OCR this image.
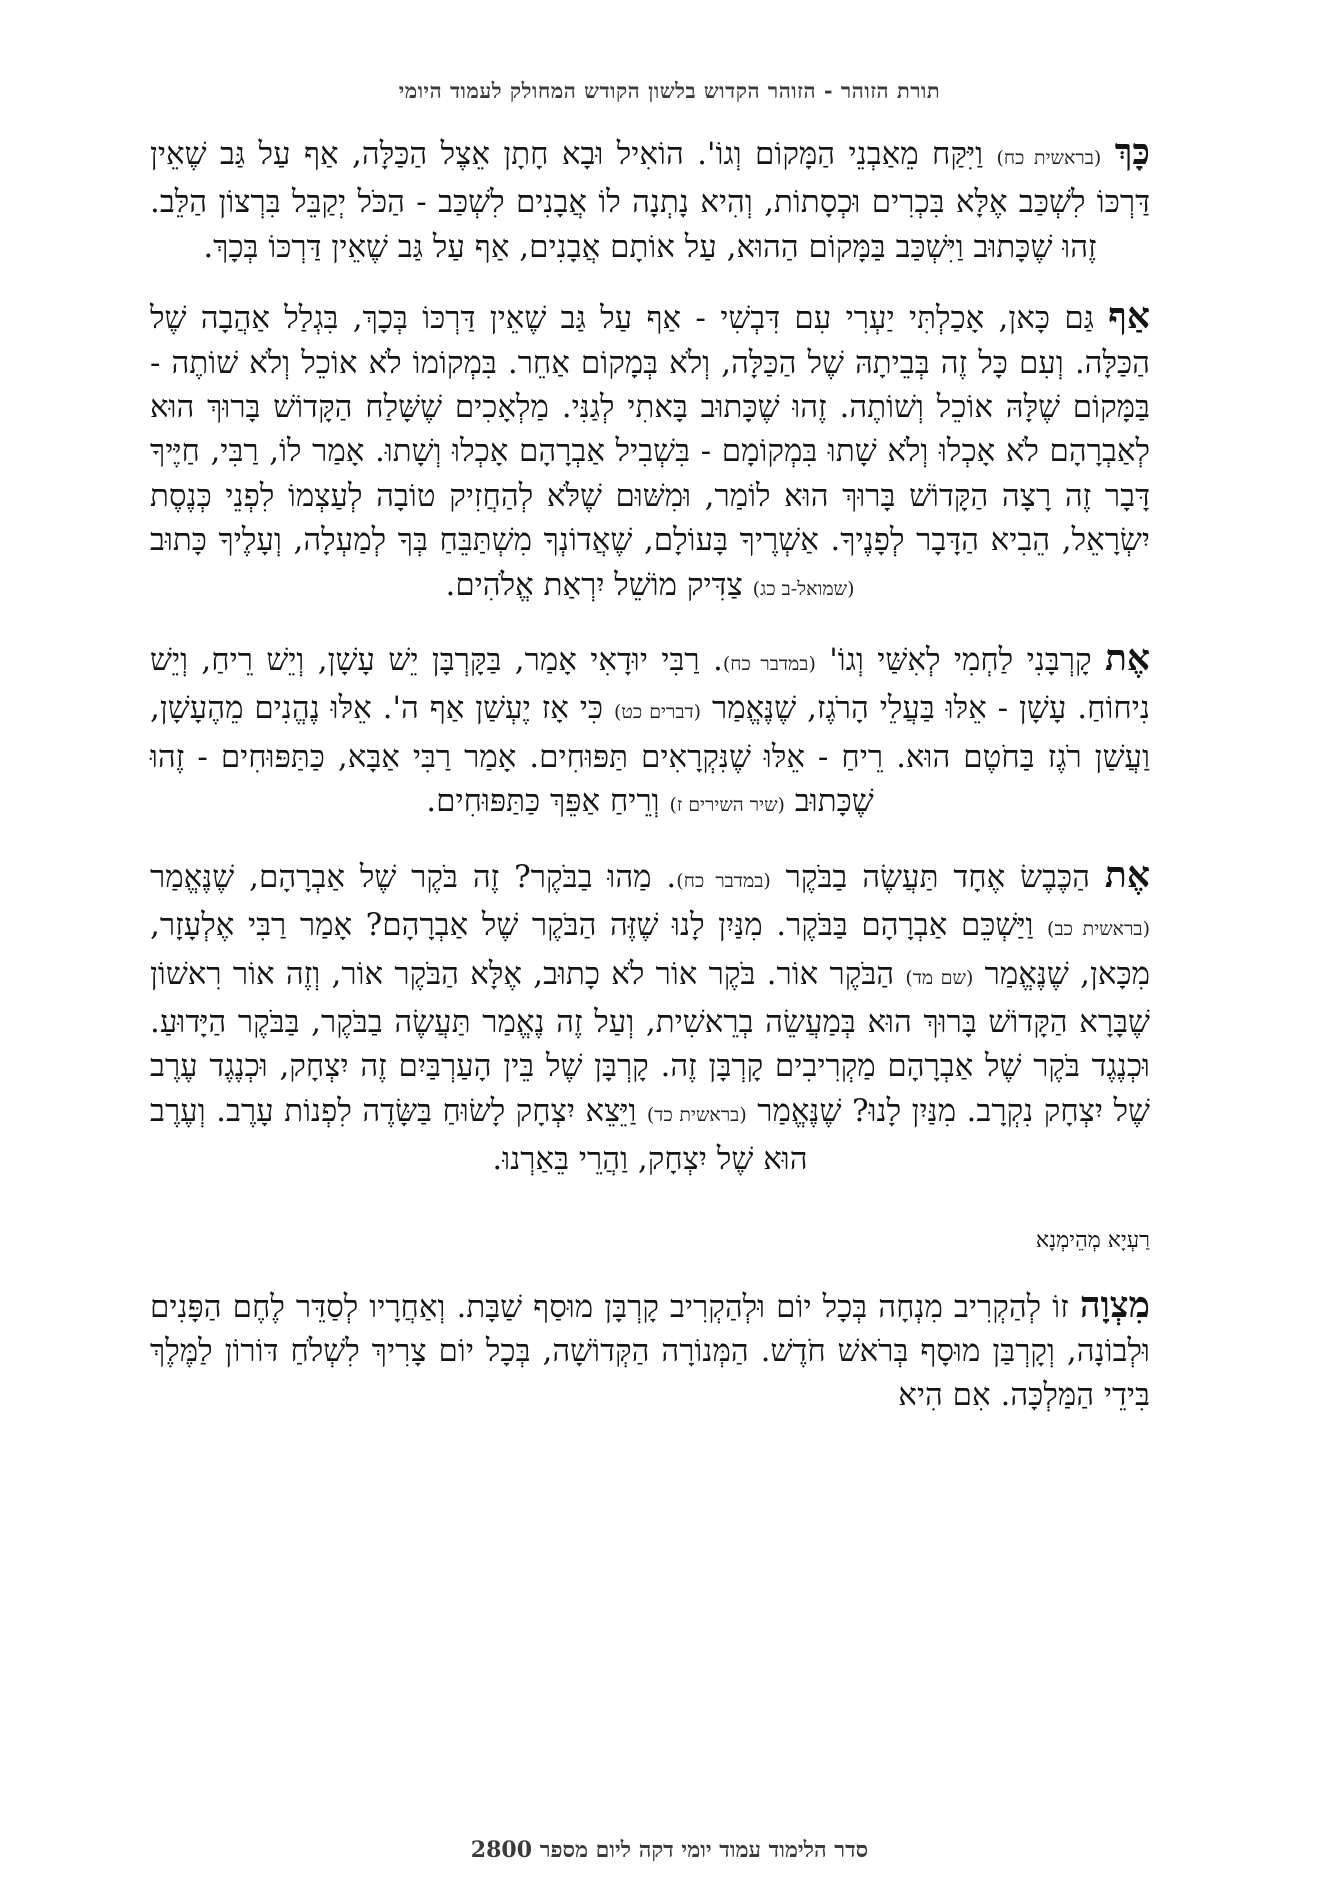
תורת הזוהר - הזוהר הקדוש בלשון הקודש המחולק לעמוד היומי

כָּךְ (בראשית כח) וַיִּקַּח מֵאַבְנֵי הַמָּקוֹם וְגוֹ'. הוֹאִיל וּבָא חָתָן אֵצֶל הַכַּלָּה, אַף עַל גַּב שֶׁאֵין דַּרְכּוֹ לִשְׁכַּב אֶלָּא בִּכְרִים וּכְסָתוֹת, וְהִיא נָתְנָה לוֹ אֲבָנִים לִשְׁכַּב - הַכֹּל יְקַבֵּל בִּרְצוֹן הַלֵּב. זֶהוּ שֶׁכָּתוּב וַיִּשְׁכַּב בַּמָּקוֹם הַהוּא, עַל אוֹתָם אֲבָנִים, אַף עַל גַּב שֶׁאֵין דַּרְכּוֹ בְּכָךְ.

אַף גַּם כָּאן, אָכַלְתִּי יַעְרִי עִם דִּבְשִׁי - אַף עַל גַּב שֶׁאֵין דַּרְכּוֹ בְּכָךְ, בִּגְלַל אַהֲבָה שֶׁל הַכַּלָּה. וְעִם כָּל זֶה בְּבֵיתָהּ שֶׁל הַכַּלָּה, וְלֹא בְּמָקוֹם אַחֵר. בִּמְקוֹמוֹ לֹא אוֹכֵל וְלֹא שׁוֹתֶה - בַּמָּקוֹם שֶׁלָּהּ אוֹכֵל וְשׁוֹתֶה. זֶהוּ שֶׁכָּתוּב בָּאתִי לְגַנִּי. מַלְאָכִים שֶׁשָּׁלַח הַקָּדוֹשׁ בָּרוּךְ הוּא לְאַבְרָהָם לֹא אָכְלוּ וְלֹא שָׁתוּ בִּמְקוֹמָם - בִּשְׁבִיל אַבְרָהָם אָכְלוּ וְשָׁתוּ. אָמַר לוֹ, רַבִּי, חַיֶּיךָ דָּבָר זֶה רָצָה הַקָּדוֹשׁ בָּרוּךְ הוּא לוֹמַר, וּמִשּׁוּם שֶׁלֹּא לְהַחֲזִיק טוֹבָה לְעַצְמוֹ לִפְנֵי כְּנֶסֶת יִשְׂרָאֵל, הֵבִיא הַדָּבָר לְפָנֶיךָ. אַשְׁרֶיךָ בָּעוֹלָם, שֶׁאֲדוֹנְךָ מִשְׁתַּבֵּחַ בְּךָ לְמַעְלָה, וְעָלֶיךָ כָּתוּב (שמואל-ב כג) צַדִּיק מוֹשֵׁל יִרְאַת אֱלֹהִים.

אֶת קָרְבָּנִי לַחְמִי לְאִשַּׁי וְגוֹ' (במדבר כח). רַבִּי יוּדָאִי אָמַר, בַּקָּרְבָּן יֵשׁ עָשָׁן, וְיֵשׁ רֵיחַ, וְיֵשׁ נִיחוֹחַ. עָשָׁן - אֵלּוּ בַּעֲלֵי הָרֹגֶז, שֶׁנֶּאֱמַר (דברים כט) כִּי אָז יֶעְשַׁן אַף ה'. אֵלּוּ נֶהֱנִים מֵהֶעָשָׁן, וַעֲשַׁן רֹגֶז בַּחֹטֶם הוּא. רֵיחַ - אֵלּוּ שֶׁנִּקְרָאִים תַּפּוּחִים. אָמַר רַבִּי אַבָּא, כַּתַּפּוּחִים - זֶהוּ שֶׁכָּתוּב (שיר השירים ז) וְרֵיחַ אַפֵּךְ כַּתַּפּוּחִים.

אֶת הַכֶּבֶשׂ אֶחָד תַּעֲשֶׂה בַבֹּקֶר (במדבר כח). מַהוּ בַבֹּקֶר? זֶה בֹּקֶר שֶׁל אַבְרָהָם, שֶׁנֶּאֱמַר (בראשית כב) וַיַּשְׁכֵּם אַבְרָהָם בַּבֹּקֶר. מִנַּיִן לָנוּ שֶׁזֶּה הַבֹּקֶר שֶׁל אַבְרָהָם? אָמַר רַבִּי אֶלְעָזָר, מִכָּאן, שֶׁנֶּאֱמַר (שם מד) הַבֹּקֶר אוֹר. בֹּקֶר אוֹר לֹא כָתוּב, אֶלָּא הַבֹּקֶר אוֹר, וְזֶה אוֹר רִאשׁוֹן שֶׁבָּרָא הַקָּדוֹשׁ בָּרוּךְ הוּא בְּמַעֲשֵׂה בְרֵאשִׁית, וְעַל זֶה נֶאֱמַר תַּעֲשֶׂה בַבֹּקֶר, בַּבֹּקֶר הַיָּדוּעַ. וּכְנֶגֶד בֹּקֶר שֶׁל אַבְרָהָם מַקְרִיבִים קָרְבָּן זֶה. קָרְבָּן שֶׁל בֵּין הָעַרְבַּיִם זֶה יִצְחָק, וּכְנֶגֶד עֶרֶב שֶׁל יִצְחָק נִקְרָב. מִנַּיִן לָנוּ? שֶׁנֶּאֱמַר (בראשית כד) וַיֵּצֵא יִצְחָק לָשׂוּחַ בַּשָּׂדֶה לִפְנוֹת עָרֶב. וְעֶרֶב הוּא שֶׁל יִצְחָק, וַהֲרֵי בֵּאַרְנוּ.

רַעְיָא מְהֵימְנָא

מִצְוָה זוֹ לְהַקְרִיב מִנְחָה בְּכָל יוֹם וּלְהַקְרִיב קָרְבָּן מוּסַף שַׁבָּת. וְאַחֲרָיו לְסַדֵּר לֶחֶם הַפָּנִים וּלְבוֹנָה, וְקָרְבַּן מוּסָף בְּרֹאשׁ חֹדֶשׁ. הַמְּנוֹרָה הַקְּדוֹשָׁה, בְּכָל יוֹם צָרִיךְ לִשְׁלֹחַ דּוֹרוֹן לַמֶּלֶךְ בִּידֵי הַמַּלְכָּה. אִם הִיא

סדר הלימוד עמוד יומי דקה ליום מספר 2800
